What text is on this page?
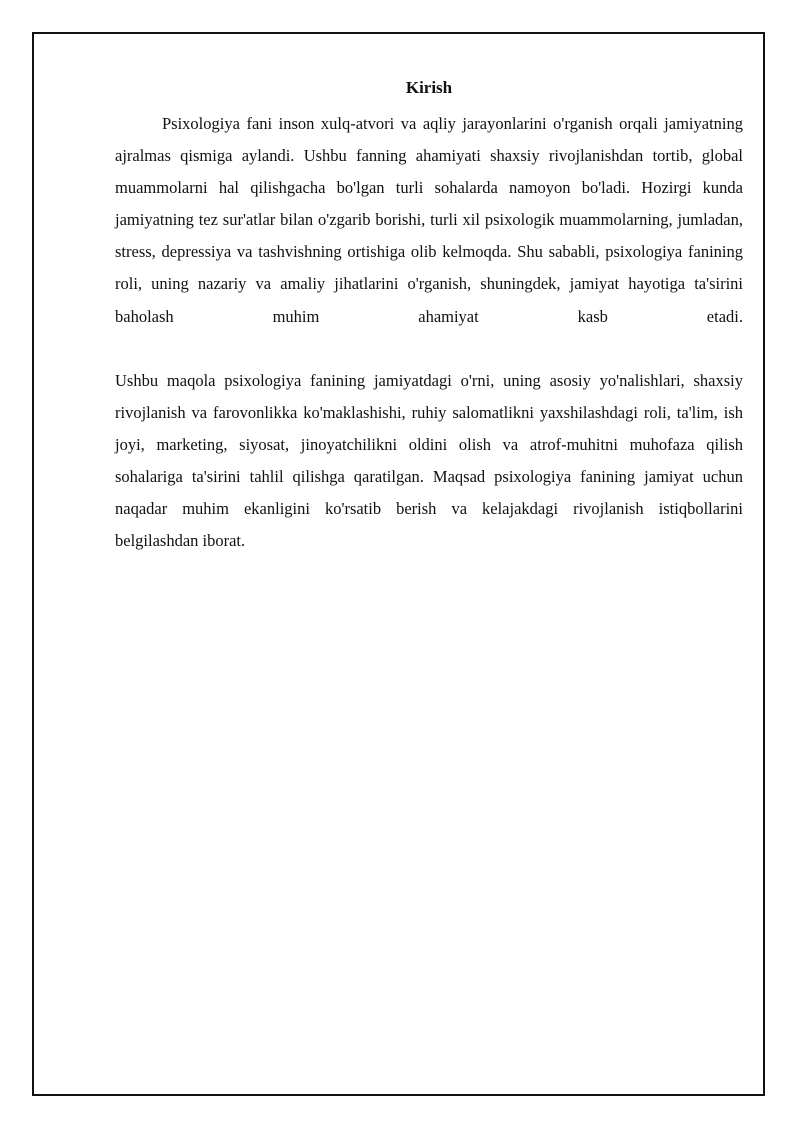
Kirish

Psixologiya fani inson xulq-atvori va aqliy jarayonlarini o'rganish orqali jamiyatning ajralmas qismiga aylandi. Ushbu fanning ahamiyati shaxsiy rivojlanishdan tortib, global muammolarni hal qilishgacha bo'lgan turli sohalarda namoyon bo'ladi. Hozirgi kunda jamiyatning tez sur'atlar bilan o'zgarib borishi, turli xil psixologik muammolarning, jumladan, stress, depressiya va tashvishning ortishiga olib kelmoqda. Shu sababli, psixologiya fanining roli, uning nazariy va amaliy jihatlarini o'rganish, shuningdek, jamiyat hayotiga ta'sirini baholash muhim ahamiyat kasb etadi.

Ushbu maqola psixologiya fanining jamiyatdagi o'rni, uning asosiy yo'nalishlari, shaxsiy rivojlanish va farovonlikka ko'maklashishi, ruhiy salomatlikni yaxshilashdagi roli, ta'lim, ish joyi, marketing, siyosat, jinoyatchilikni oldini olish va atrof-muhitni muhofaza qilish sohalariga ta'sirini tahlil qilishga qaratilgan. Maqsad psixologiya fanining jamiyat uchun naqadar muhim ekanligini ko'rsatib berish va kelajakdagi rivojlanish istiqbollarini belgilashdan iborat.
